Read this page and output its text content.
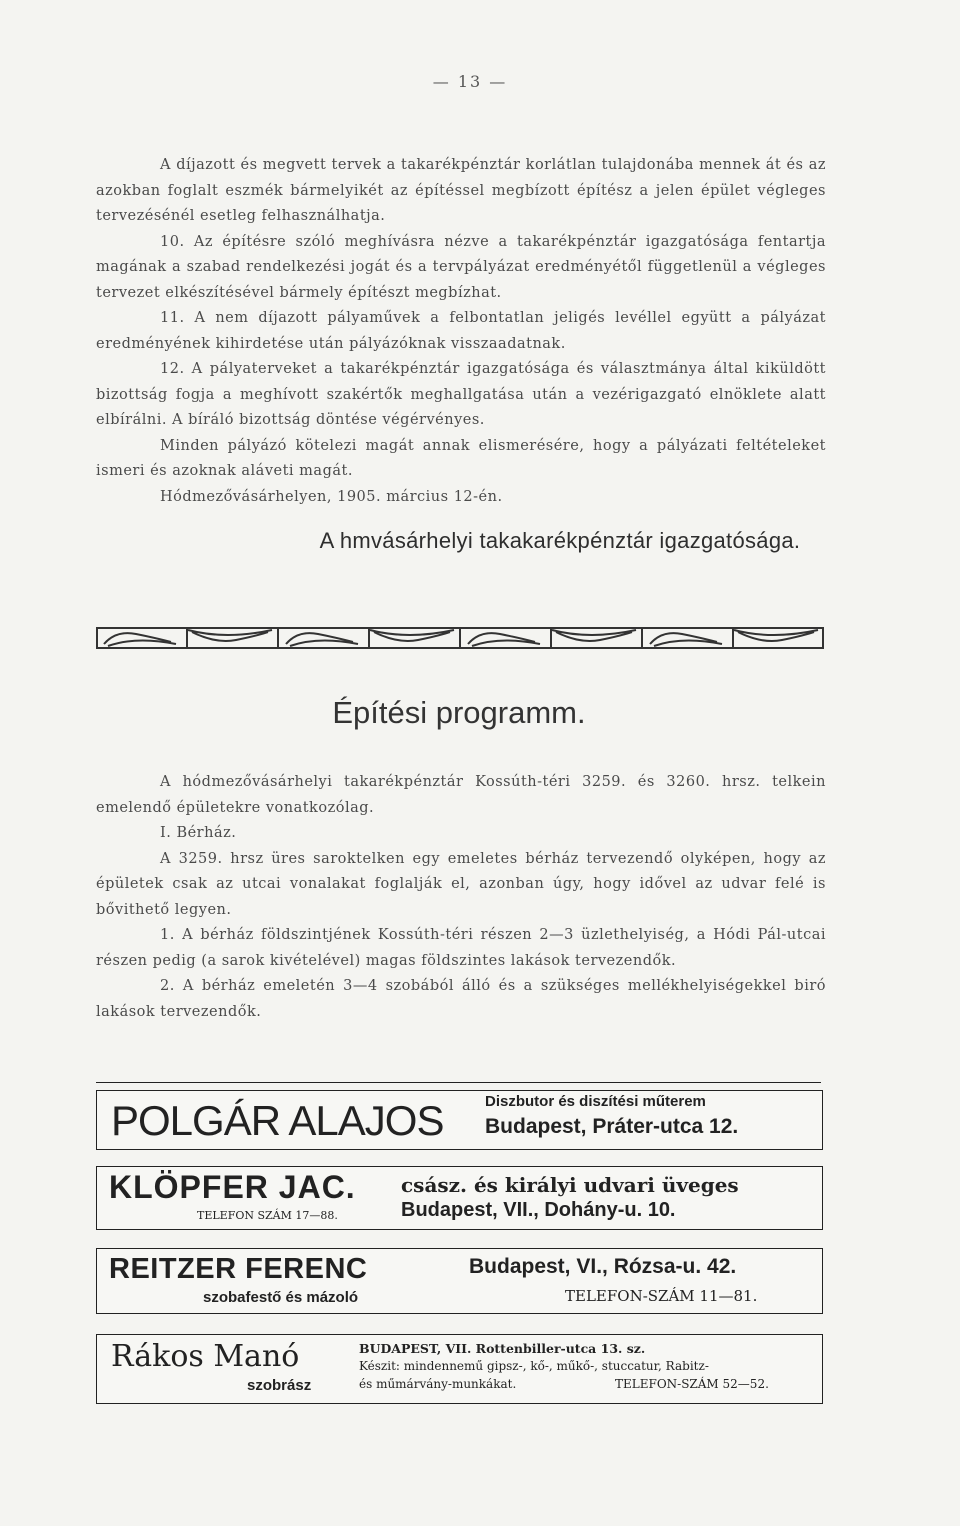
— 13 —

A díjazott és megvett tervek a takarékpénztár korlátlan tulajdonába mennek át és az azokban foglalt eszmék bármelyikét az építéssel megbízott építész a jelen épület végleges tervezésénél esetleg felhasználhatja.

10. Az építésre szóló meghívásra nézve a takarékpénztár igazgatósága fentartja magának a szabad rendelkezési jogát és a tervpályázat eredményétől függetlenül a végleges tervezet elkészítésével bármely építészt megbízhat.

11. A nem díjazott pályaművek a felbontatlan jeligés levéllel együtt a pályázat eredményének kihirdetése után pályázóknak visszaadatnak.

12. A pályaterveket a takarékpénztár igazgatósága és választmánya által kiküldött bizottság fogja a meghívott szakértők meghallgatása után a vezérigazgató elnöklete alatt elbírálni. A bíráló bizottság döntése végérvényes.

Minden pályázó kötelezi magát annak elismerésére, hogy a pályázati feltételeket ismeri és azoknak aláveti magát.

Hódmezővásárhelyen, 1905. március 12-én.

A hmvásárhelyi takakarékpénztár igazgatósága.
Építési programm.

A hódmezővásárhelyi takarékpénztár Kossúth-téri 3259. és 3260. hrsz. telkein emelendő épületekre vonatkozólag.

I. Bérház.

A 3259. hrsz üres saroktelken egy emeletes bérház tervezendő olyképen, hogy az épületek csak az utcai vonalakat foglalják el, azonban úgy, hogy idővel az udvar felé is bővithető legyen.

1. A bérház földszintjének Kossúth-téri részen 2—3 üzlethelyiség, a Hódi Pál-utcai részen pedig (a sarok kivételével) magas földszintes lakások tervezendők.

2. A bérház emeletén 3—4 szobából álló és a szükséges mellékhelyiségekkel biró lakások tervezendők.

POLGÁR ALAJOS	Diszbutor és diszítési műterem
Budapest, Práter-utca 12.
KLÖPFER JAC.
TELEFON SZÁM 17—88.
csász. és királyi udvari üveges
Budapest, VII., Dohány-u. 10.
REITZER FERENC
szobafestő és mázoló
Budapest, VI., Rózsa-u. 42.
TELEFON-SZÁM 11—81.
Rákos Manó
szobrász
BUDAPEST, VII. Rottenbiller-utca 13. sz.
Készit: mindennemű gipsz-, kő-, műkő-, stuccatur, Rabitz-
és műmárvány-munkákat.	TELEFON-SZÁM 52—52.
